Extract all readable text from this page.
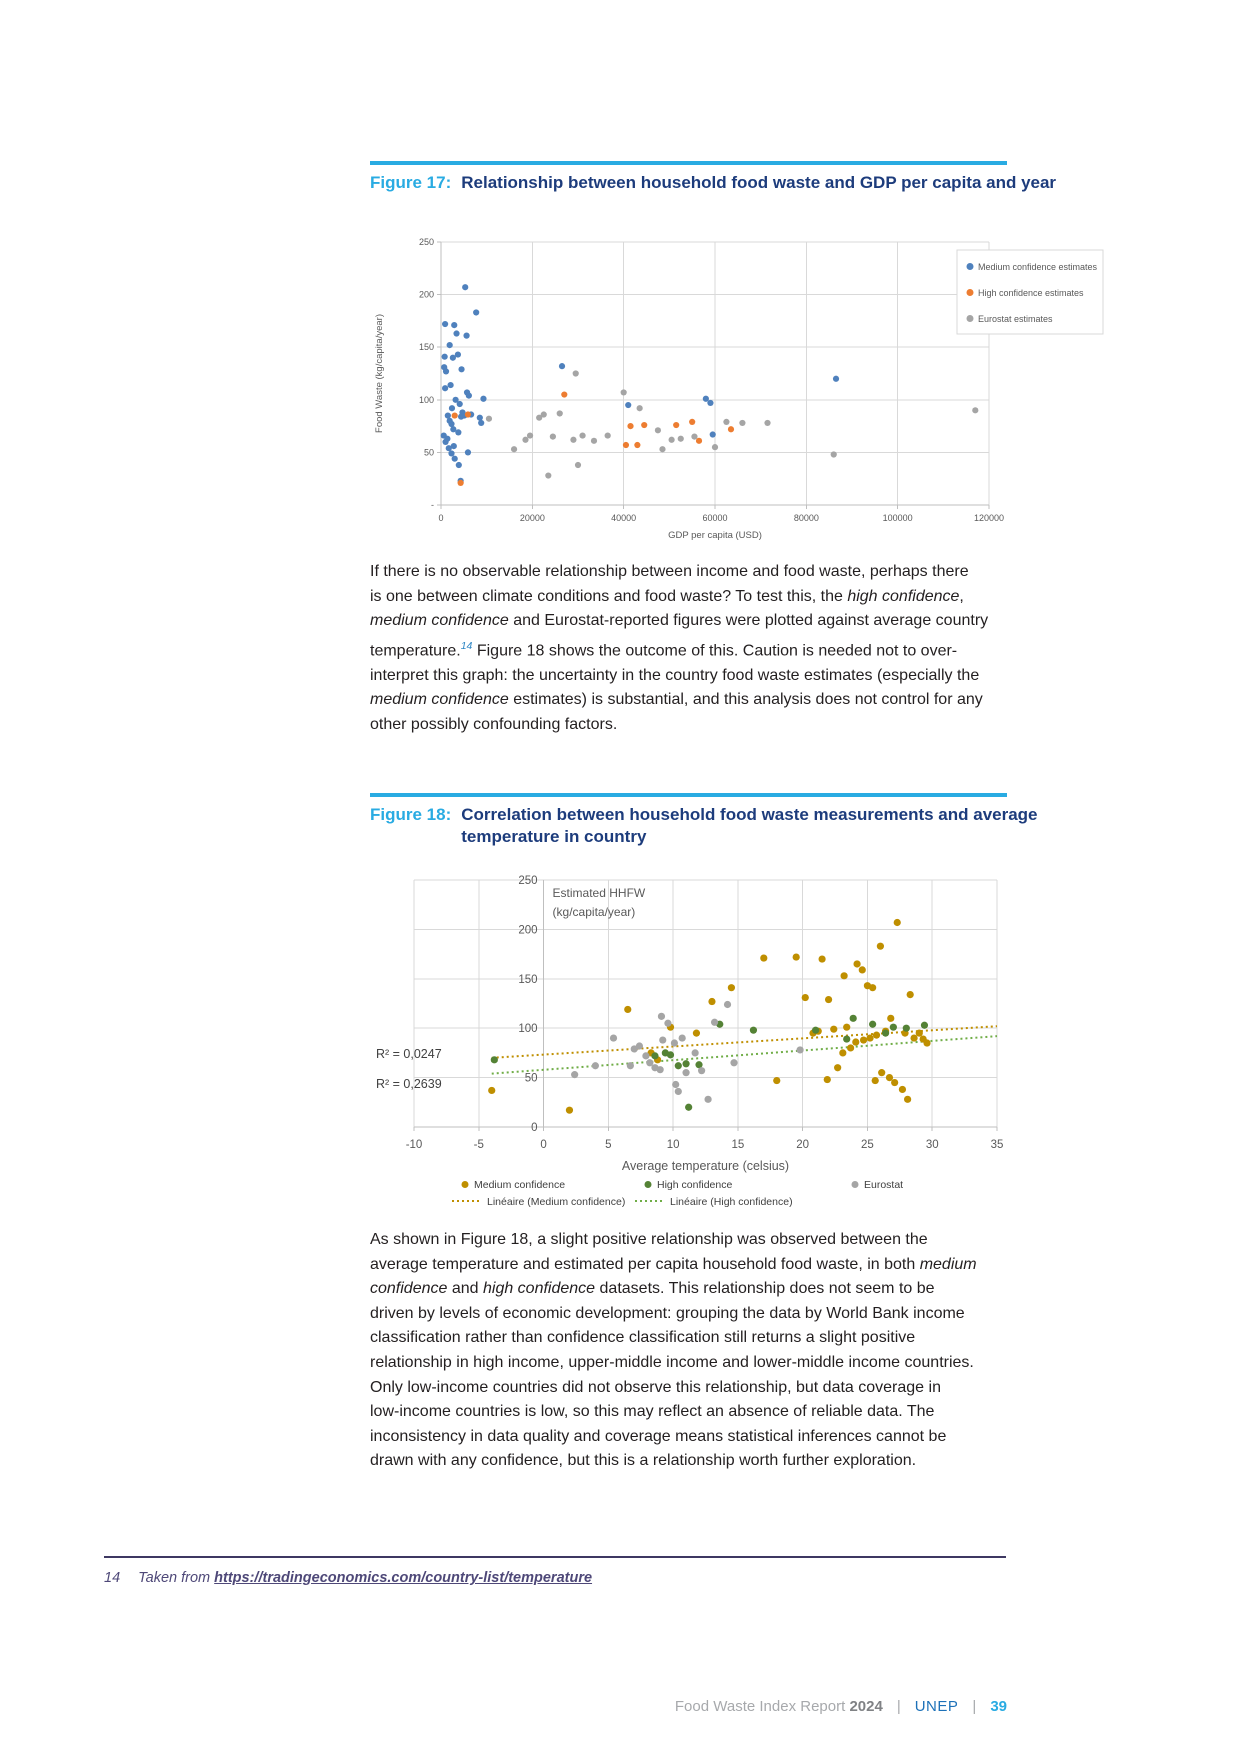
Figure 17: Relationship between household food waste and GDP per capita and year
0	20000	40000	60000	80000	100000	120000
-
50
100
150
200
250
GDP per capita (USD)
Food Waste (kg/capita/year)
Medium confidence estimates
High confidence estimates
Eurostat estimates

If there is no observable relationship between income and food waste, perhaps there
is one between climate conditions and food waste? To test this, the high confidence,
medium confidence and Eurostat-reported figures were plotted against average country
temperature.$^{14}$ Figure 18 shows the outcome of this. Caution is needed not to over-
interpret this graph: the uncertainty in the country food waste estimates (especially the
medium confidence estimates) is substantial, and this analysis does not control for any
other possibly confounding factors.

Figure 18: Correlation between household food waste measurements and average
temperature in country
-10	-5	0	5	10	15	20	25	30	35
0
50
100
150
200
250
Average temperature (celsius)
Estimated HHFW
(kg/capita/year)
R² = 0,0247
R² = 0,2639
Medium confidence	High confidence	Eurostat
Linéaire (Medium confidence)	Linéaire (High confidence)

As shown in Figure 18, a slight positive relationship was observed between the
average temperature and estimated per capita household food waste, in both medium
confidence and high confidence datasets. This relationship does not seem to be
driven by levels of economic development: grouping the data by World Bank income
classification rather than confidence classification still returns a slight positive
relationship in high income, upper-middle income and lower-middle income countries.
Only low-income countries did not observe this relationship, but data coverage in
low-income countries is low, so this may reflect an absence of reliable data. The
inconsistency in data quality and coverage means statistical inferences cannot be
drawn with any confidence, but this is a relationship worth further exploration.

14 Taken from https://tradingeconomics.com/country-list/temperature
Food Waste Index Report 2024 | UNEP | 39
